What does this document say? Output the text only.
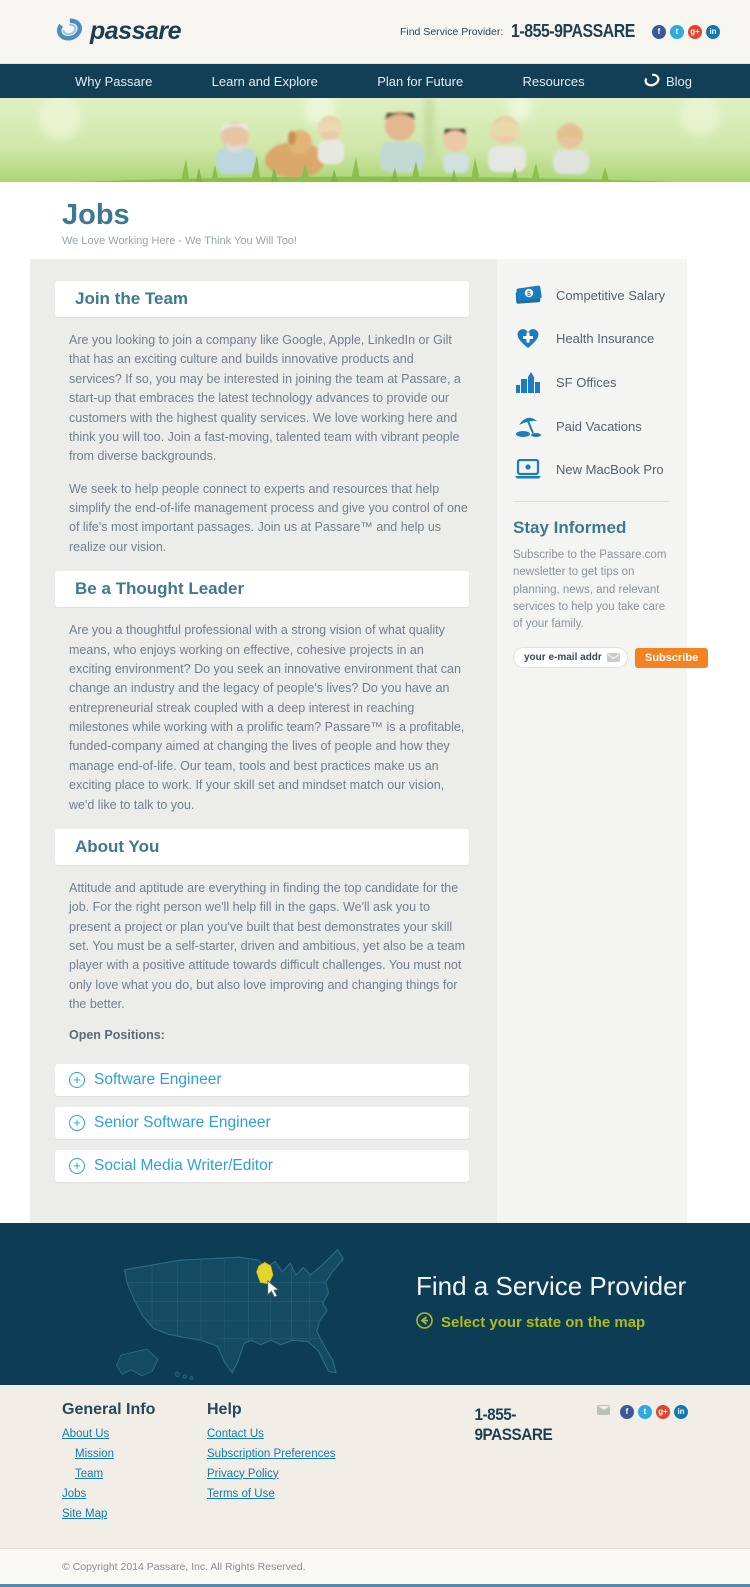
passare	Find Service Provider: 1-855-9PASSARE	f	t	g+	in
Why Passare	Learn and Explore	Plan for Future	Resources	Blog
Jobs
We Love Working Here - We Think You Will Too!
Join the Team

Are you looking to join a company like Google, Apple, LinkedIn or Gilt that has an exciting culture and builds innovative products and services? If so, you may be interested in joining the team at Passare, a start-up that embraces the latest technology advances to provide our customers with the highest quality services. We love working here and think you will too. Join a fast-moving, talented team with vibrant people from diverse backgrounds.

We seek to help people connect to experts and resources that help simplify the end-of-life management process and give you control of one of life's most important passages. Join us at Passare™ and help us realize our vision.

Be a Thought Leader

Are you a thoughtful professional with a strong vision of what quality means, who enjoys working on effective, cohesive projects in an exciting environment? Do you seek an innovative environment that can change an industry and the legacy of people's lives? Do you have an entrepreneurial streak coupled with a deep interest in reaching milestones while working with a prolific team? Passare™ is a profitable, funded-company aimed at changing the lives of people and how they manage end-of-life. Our team, tools and best practices make us an exciting place to work. If your skill set and mindset match our vision, we'd like to talk to you.

About You

Attitude and aptitude are everything in finding the top candidate for the job. For the right person we'll help fill in the gaps. We'll ask you to present a project or plan you've built that best demonstrates your skill set. You must be a self-starter, driven and ambitious, yet also be a team player with a positive attitude towards difficult challenges. You must not only love what you do, but also love improving and changing things for the better.

Open Positions:
+
Software Engineer
+
Senior Software Engineer
+
Social Media Writer/Editor
$ Competitive Salary
Health Insurance
SF Offices
Paid Vacations
New MacBook Pro
Stay Informed
Subscribe to the Passare.com newsletter to get tips on planning, news, and relevant services to help you take care of your family.
your e-mail address
Subscribe
Find a Service Provider
Select your state on the map
General Info
About Us
Mission
Team
Jobs
Site Map
Help
Contact Us
Subscription Preferences
Privacy Policy
Terms of Use
1-855-9PASSARE
f	t	g+	in
© Copyright 2014 Passare, Inc. All Rights Reserved.
